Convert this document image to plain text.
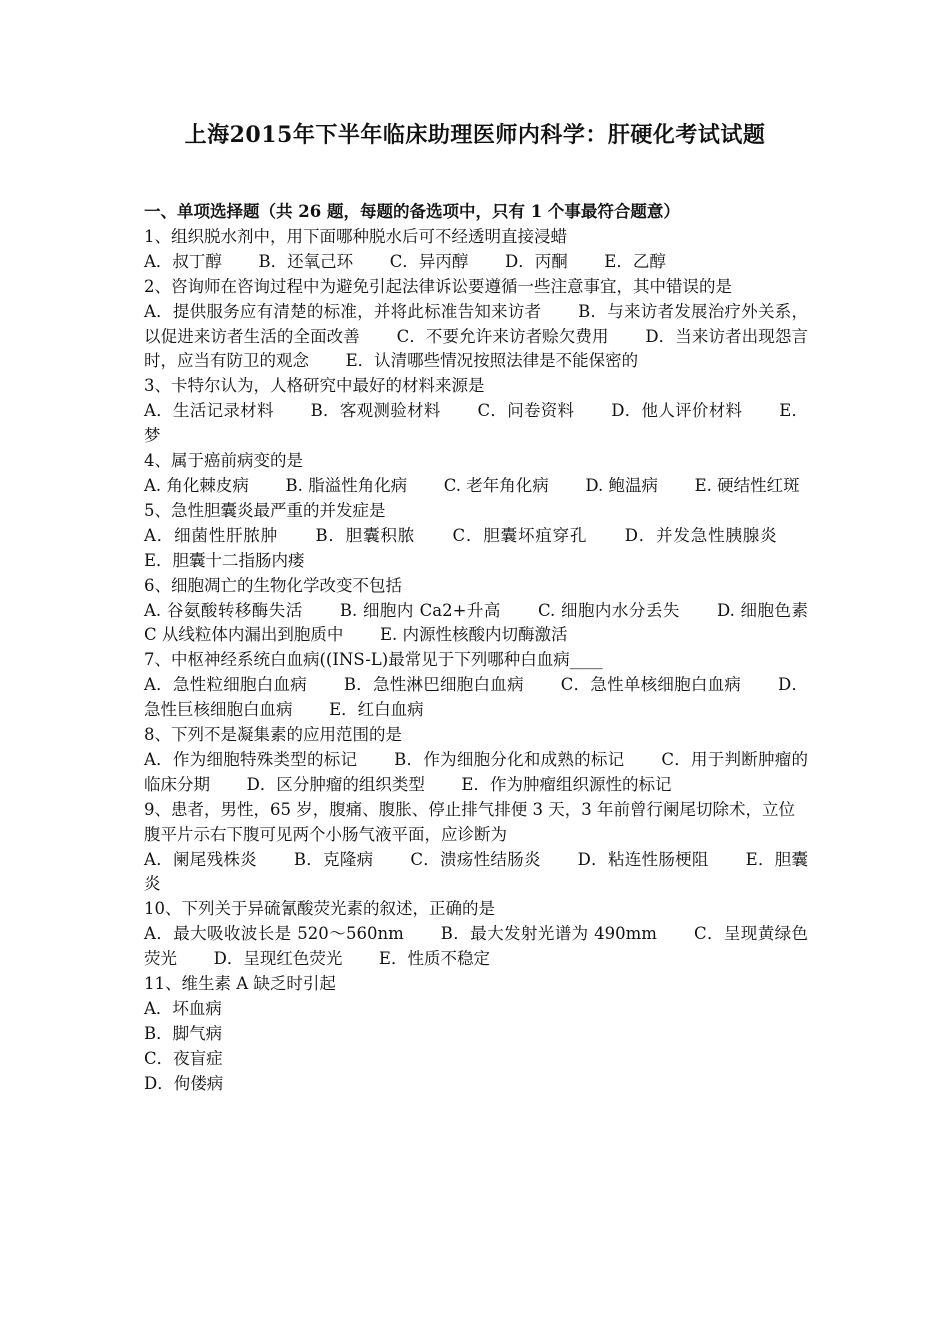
上海2015年下半年临床助理医师内科学：肝硬化考试试题
一、单项选择题（共 26 题，每题的备选项中，只有 1 个事最符合题意）
1、组织脱水剂中，用下面哪种脱水后可不经透明直接浸蜡
A．叔丁醇 B．还氧己环 C．异丙醇 D．丙酮 E．乙醇
2、咨询师在咨询过程中为避免引起法律诉讼要遵循一些注意事宜，其中错误的是
A．提供服务应有清楚的标准，并将此标准告知来访者 B．与来访者发展治疗外关系，以促进来访者生活的全面改善 C．不要允许来访者赊欠费用 D．当来访者出现怨言时，应当有防卫的观念 E．认清哪些情况按照法律是不能保密的
3、卡特尔认为，人格研究中最好的材料来源是
A．生活记录材料 B．客观测验材料 C．问卷资料 D．他人评价材料 E．梦
4、属于癌前病变的是
A. 角化棘皮病 B. 脂溢性角化病 C. 老年角化病 D. 鲍温病 E. 硬结性红斑
5、急性胆囊炎最严重的并发症是
A．细菌性肝脓肿 B．胆囊积脓 C．胆囊坏疽穿孔 D．并发急性胰腺炎 E．胆囊十二指肠内瘘
6、细胞凋亡的生物化学改变不包括
A. 谷氨酸转移酶失活 B. 细胞内 Ca2+升高 C. 细胞内水分丢失 D. 细胞色素 C 从线粒体内漏出到胞质中 E. 内源性核酸内切酶激活
7、中枢神经系统白血病((INS-L)最常见于下列哪种白血病____
A．急性粒细胞白血病 B．急性淋巴细胞白血病 C．急性单核细胞白血病 D．急性巨核细胞白血病 E．红白血病
8、下列不是凝集素的应用范围的是
A．作为细胞特殊类型的标记 B．作为细胞分化和成熟的标记 C．用于判断肿瘤的临床分期 D．区分肿瘤的组织类型 E．作为肿瘤组织源性的标记
9、患者，男性，65 岁，腹痛、腹胀、停止排气排便 3 天，3 年前曾行阑尾切除术，立位腹平片示右下腹可见两个小肠气液平面，应诊断为
A．阑尾残株炎 B．克隆病 C．溃疡性结肠炎 D．粘连性肠梗阻 E．胆囊炎
10、下列关于异硫氰酸荧光素的叙述，正确的是
A．最大吸收波长是 520～560nm B．最大发射光谱为 490mm C．呈现黄绿色荧光 D．呈现红色荧光 E．性质不稳定
11、维生素 A 缺乏时引起
A．坏血病
B．脚气病
C．夜盲症
D．佝偻病
